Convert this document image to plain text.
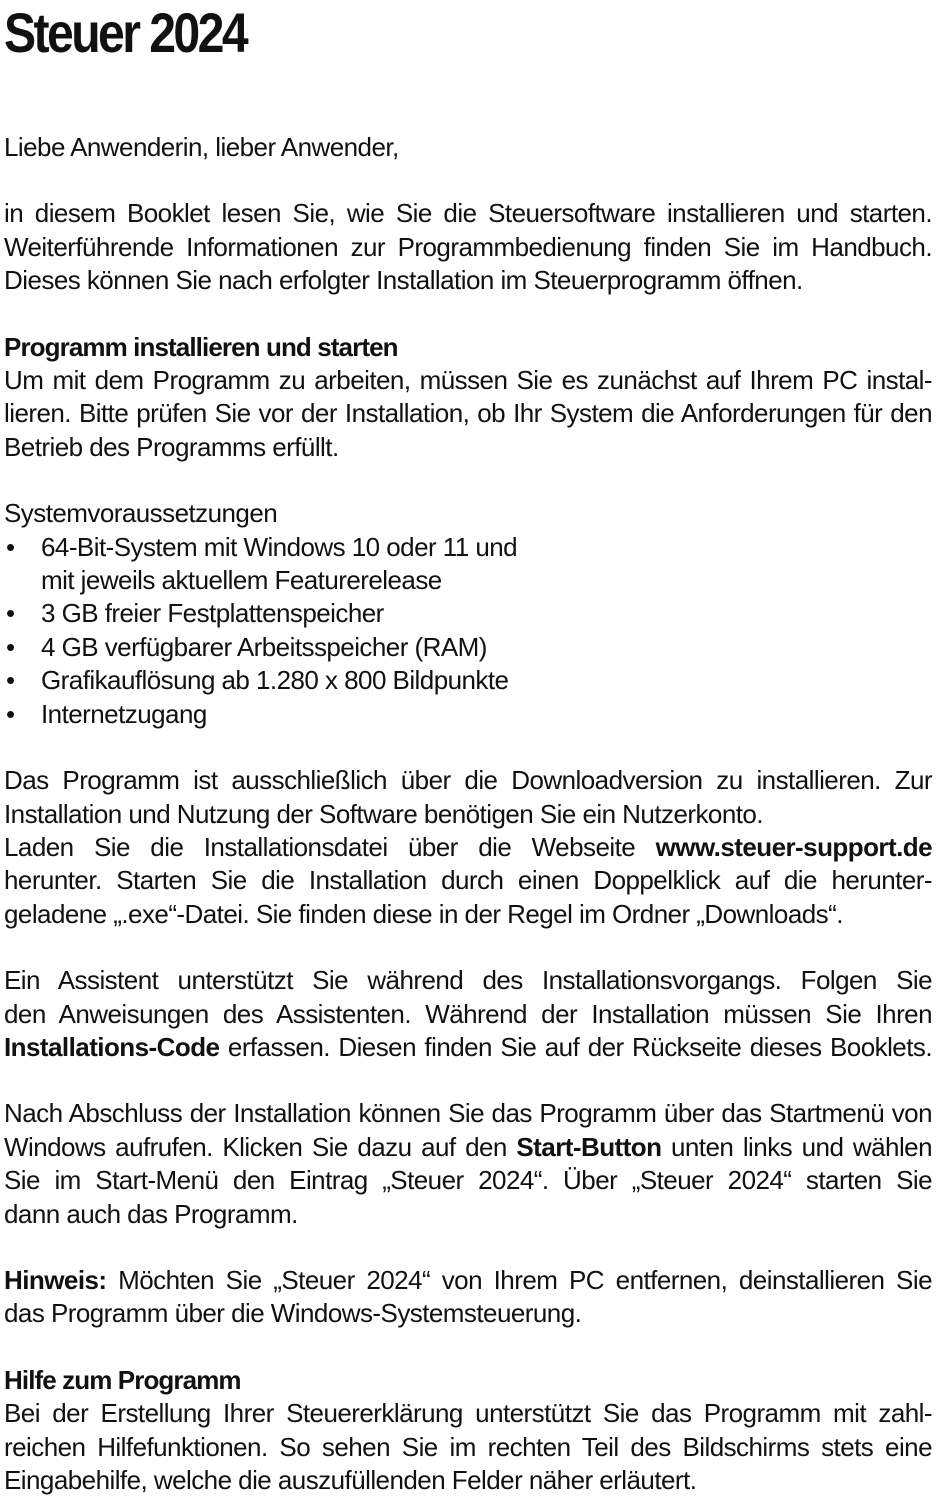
Steuer 2024

Liebe Anwenderin, lieber Anwender,

in diesem Booklet lesen Sie, wie Sie die Steuersoftware installieren und starten.
Weiterführende Informationen zur Programmbedienung finden Sie im Handbuch.
Dieses können Sie nach erfolgter Installation im Steuerprogramm öffnen.

Programm installieren und starten

Um mit dem Programm zu arbeiten, müssen Sie es zunächst auf Ihrem PC instal-
lieren. Bitte prüfen Sie vor der Installation, ob Ihr System die Anforderungen für den
Betrieb des Programms erfüllt.

Systemvoraussetzungen

•	64-Bit-System mit Windows 10 oder 11 und
mit jeweils aktuellem Featurerelease
•	3 GB freier Festplattenspeicher
•	4 GB verfügbarer Arbeitsspeicher (RAM)
•	Grafikauflösung ab 1.280 x 800 Bildpunkte
•	Internetzugang

Das Programm ist ausschließlich über die Downloadversion zu installieren. Zur
Installation und Nutzung der Software benötigen Sie ein Nutzerkonto.
Laden Sie die Installationsdatei über die Webseite www.steuer-support.de
herunter. Starten Sie die Installation durch einen Doppelklick auf die herunter-
geladene „.exe“-Datei. Sie finden diese in der Regel im Ordner „Downloads“.

Ein Assistent unterstützt Sie während des Installationsvorgangs. Folgen Sie
den Anweisungen des Assistenten. Während der Installation müssen Sie Ihren
Installations-Code erfassen. Diesen finden Sie auf der Rückseite dieses Booklets.

Nach Abschluss der Installation können Sie das Programm über das Startmenü von
Windows aufrufen. Klicken Sie dazu auf den Start-Button unten links und wählen
Sie im Start-Menü den Eintrag „Steuer 2024“. Über „Steuer 2024“ starten Sie
dann auch das Programm.

Hinweis: Möchten Sie „Steuer 2024“ von Ihrem PC entfernen, deinstallieren Sie
das Programm über die Windows-Systemsteuerung.

Hilfe zum Programm

Bei der Erstellung Ihrer Steuererklärung unterstützt Sie das Programm mit zahl-
reichen Hilfefunktionen. So sehen Sie im rechten Teil des Bildschirms stets eine
Eingabehilfe, welche die auszufüllenden Felder näher erläutert.
